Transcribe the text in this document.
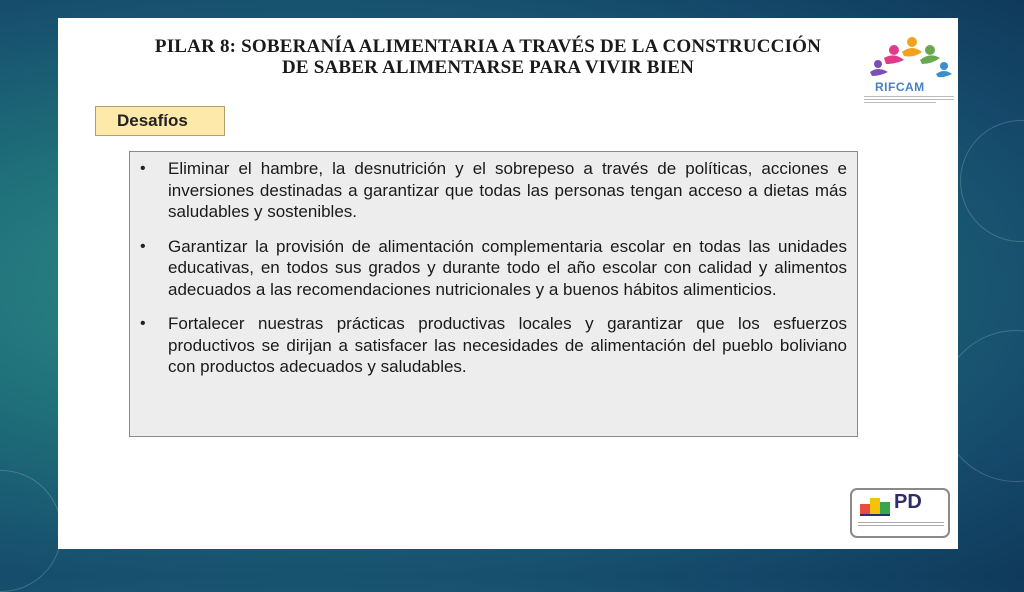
PILAR 8: SOBERANÍA ALIMENTARIA A TRAVÉS DE LA CONSTRUCCIÓN
DE SABER ALIMENTARSE PARA VIVIR BIEN
RIFCAM
Desafíos
•	Eliminar el hambre, la desnutrición y el sobrepeso a través de políticas, acciones e inversiones destinadas a garantizar que todas las personas tengan acceso a dietas más saludables y sostenibles.
•	Garantizar la provisión de alimentación complementaria escolar en todas las unidades educativas, en todos sus grados y durante todo el año escolar con calidad y alimentos adecuados a las recomendaciones nutricionales y a buenos hábitos alimenticios.
•	Fortalecer nuestras prácticas productivas locales y garantizar que los esfuerzos productivos se dirijan a satisfacer las necesidades de alimentación del pueblo boliviano con productos adecuados y saludables.
PD
